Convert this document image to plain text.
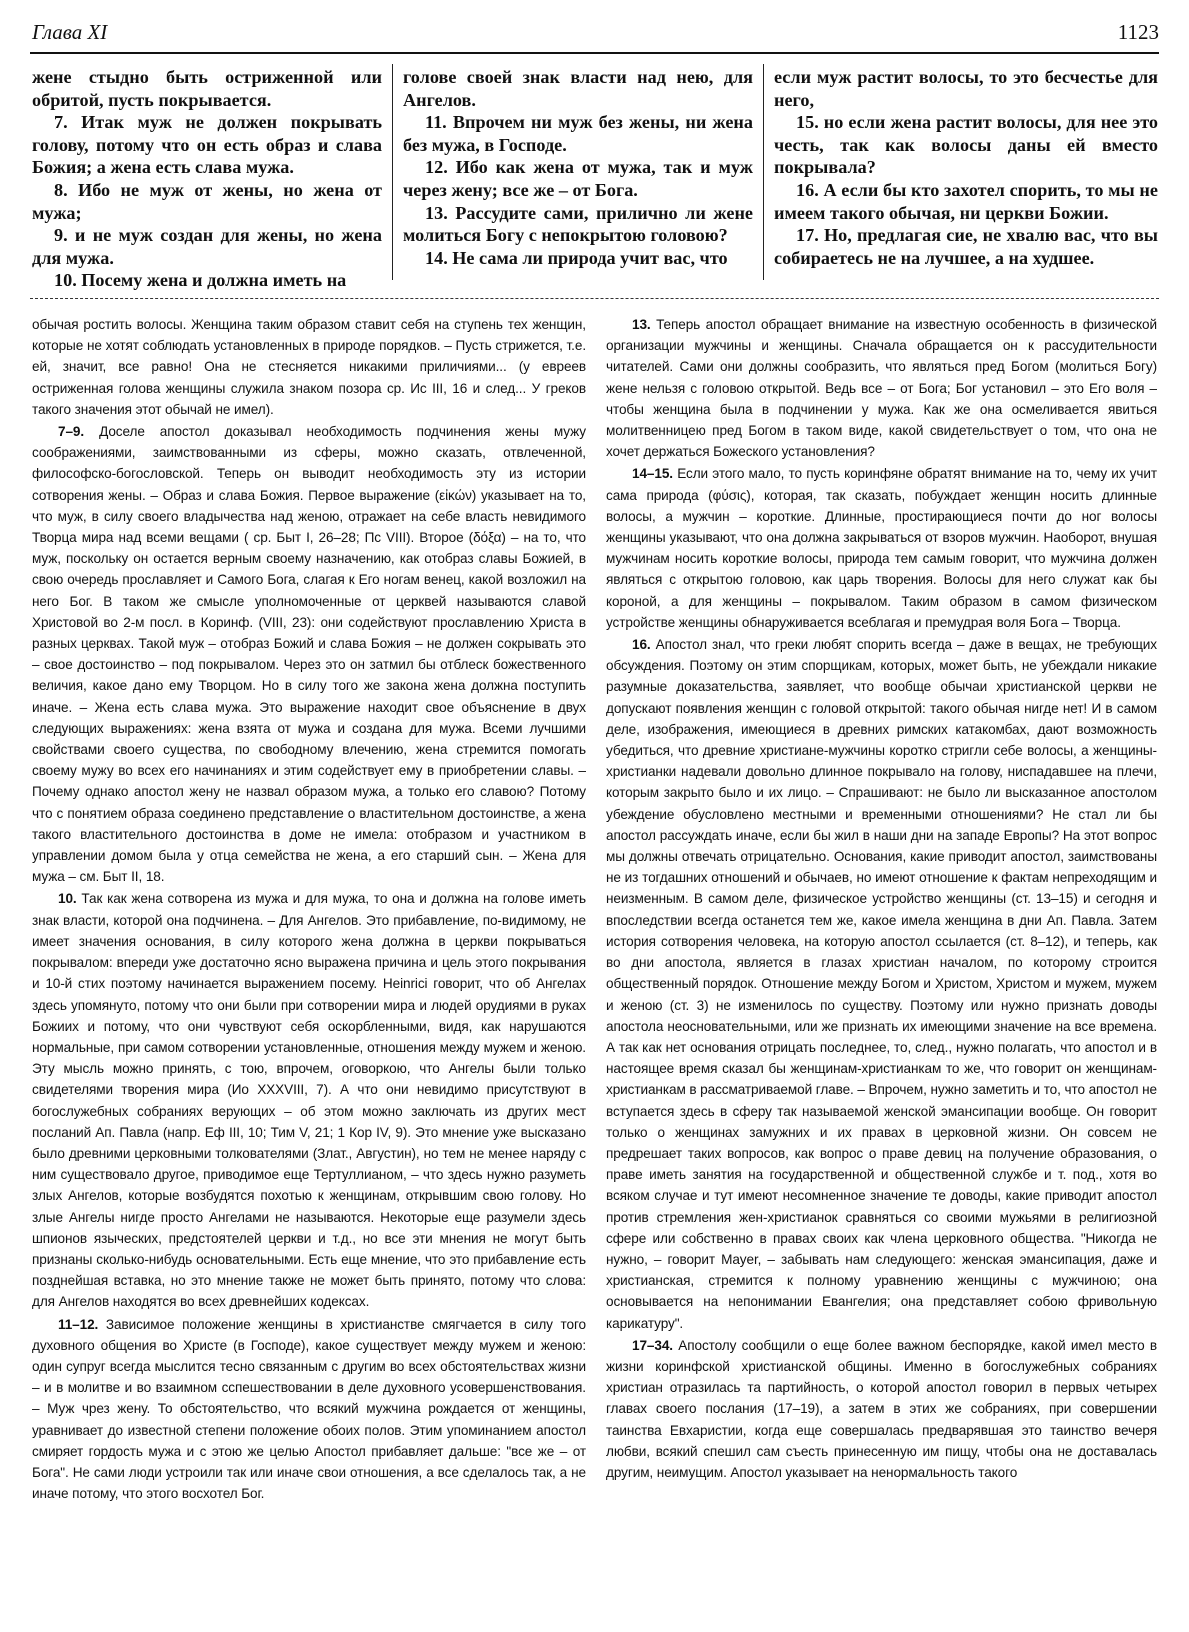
Глава XI	1123

жене стыдно быть остриженной или обритой, пусть покрывается.

7. Итак муж не должен покрывать голову, потому что он есть образ и слава Божия; а жена есть слава мужа.

8. Ибо не муж от жены, но жена от мужа;

9. и не муж создан для жены, но жена для мужа.

10. Посему жена и должна иметь на

голове своей знак власти над нею, для Ангелов.

11. Впрочем ни муж без жены, ни жена без мужа, в Господе.

12. Ибо как жена от мужа, так и муж через жену; все же – от Бога.

13. Рассудите сами, прилично ли жене молиться Богу с непокрытою головою?

14. Не сама ли природа учит вас, что

если муж растит волосы, то это бесчестье для него,

15. но если жена растит волосы, для нее это честь, так как волосы даны ей вместо покрывала?

16. А если бы кто захотел спорить, то мы не имеем такого обычая, ни церкви Божии.

17. Но, предлагая сие, не хвалю вас, что вы собираетесь не на лучшее, а на худшее.

обычая ростить волосы. Женщина таким образом ставит себя на ступень тех женщин, которые не хотят соблюдать установленных в природе порядков. – Пусть стрижется, т.е. ей, значит, все равно! Она не стесняется никакими приличиями... (у евреев остриженная голова женщины служила знаком позора ср. Ис III, 16 и след... У греков такого значения этот обычай не имел).

7–9. Доселе апостол доказывал необходимость подчинения жены мужу соображениями, заимствованными из сферы, можно сказать, отвлеченной, философско-богословской. Теперь он выводит необходимость эту из истории сотворения жены. – Образ и слава Божия. Первое выражение (εἰκών) указывает на то, что муж, в силу своего владычества над женою, отражает на себе власть невидимого Творца мира над всеми вещами ( ср. Быт I, 26–28; Пс VIII). Второе (δόξα) – на то, что муж, поскольку он остается верным своему назначению, как отобраз славы Божией, в свою очередь прославляет и Самого Бога, слагая к Его ногам венец, какой возложил на него Бог. В таком же смысле уполномоченные от церквей называются славой Христовой во 2-м посл. в Коринф. (VIII, 23): они содействуют прославлению Христа в разных церквах. Такой муж – отобраз Божий и слава Божия – не должен сокрывать это – свое достоинство – под покрывалом. Через это он затмил бы отблеск божественного величия, какое дано ему Творцом. Но в силу того же закона жена должна поступить иначе. – Жена есть слава мужа. Это выражение находит свое объяснение в двух следующих выражениях: жена взята от мужа и создана для мужа. Всеми лучшими свойствами своего существа, по свободному влечению, жена стремится помогать своему мужу во всех его начинаниях и этим содействует ему в приобретении славы. – Почему однако апостол жену не назвал образом мужа, а только его славою? Потому что с понятием образа соединено представление о властительном достоинстве, а жена такого властительного достоинства в доме не имела: отобразом и участником в управлении домом была у отца семейства не жена, а его старший сын. – Жена для мужа – см. Быт II, 18.

10. Так как жена сотворена из мужа и для мужа, то она и должна на голове иметь знак власти, которой она подчинена. – Для Ангелов. Это прибавление, по-видимому, не имеет значения основания, в силу которого жена должна в церкви покрываться покрывалом: впереди уже достаточно ясно выражена причина и цель этого покрывания и 10-й стих поэтому начинается выражением посему. Heinrici говорит, что об Ангелах здесь упомянуто, потому что они были при сотворении мира и людей орудиями в руках Божиих и потому, что они чувствуют себя оскорбленными, видя, как нарушаются нормальные, при самом сотворении установленные, отношения между мужем и женою. Эту мысль можно принять, с тою, впрочем, оговоркою, что Ангелы были только свидетелями творения мира (Ио XXXVIII, 7). А что они невидимо присутствуют в богослужебных собраниях верующих – об этом можно заключать из других мест посланий Ап. Павла (напр. Еф III, 10; Тим V, 21; 1 Кор IV, 9). Это мнение уже высказано было древними церковными толкователями (Злат., Августин), но тем не менее наряду с ним существовало другое, приводимое еще Тертуллианом, – что здесь нужно разуметь злых Ангелов, которые возбудятся похотью к женщинам, открывшим свою голову. Но злые Ангелы нигде просто Ангелами не называются. Некоторые еще разумели здесь шпионов языческих, предстоятелей церкви и т.д., но все эти мнения не могут быть признаны сколько-нибудь основательными. Есть еще мнение, что это прибавление есть позднейшая вставка, но это мнение также не может быть принято, потому что слова: для Ангелов находятся во всех древнейших кодексах.

11–12. Зависимое положение женщины в христианстве смягчается в силу того духовного общения во Христе (в Господе), какое существует между мужем и женою: один супруг всегда мыслится тесно связанным с другим во всех обстоятельствах жизни – и в молитве и во взаимном сспешествовании в деле духовного усовершенствования. – Муж чрез жену. То обстоятельство, что всякий мужчина рождается от женщины, уравнивает до известной степени положение обоих полов. Этим упоминанием апостол смиряет гордость мужа и с этою же целью Апостол прибавляет дальше: "все же – от Бога". Не сами люди устроили так или иначе свои отношения, а все сделалось так, а не иначе потому, что этого восхотел Бог.

13. Теперь апостол обращает внимание на известную особенность в физической организации мужчины и женщины. Сначала обращается он к рассудительности читателей. Сами они должны сообразить, что являться пред Богом (молиться Богу) жене нельзя с головою открытой. Ведь все – от Бога; Бог установил – это Его воля – чтобы женщина была в подчинении у мужа. Как же она осмеливается явиться молитвенницею пред Богом в таком виде, какой свидетельствует о том, что она не хочет держаться Божеского установления?

14–15. Если этого мало, то пусть коринфяне обратят внимание на то, чему их учит сама природа (φύσις), которая, так сказать, побуждает женщин носить длинные волосы, а мужчин – короткие. Длинные, простирающиеся почти до ног волосы женщины указывают, что она должна закрываться от взоров мужчин. Наоборот, внушая мужчинам носить короткие волосы, природа тем самым говорит, что мужчина должен являться с открытою головою, как царь творения. Волосы для него служат как бы короной, а для женщины – покрывалом. Таким образом в самом физическом устройстве женщины обнаруживается всеблагая и премудрая воля Бога – Творца.

16. Апостол знал, что греки любят спорить всегда – даже в вещах, не требующих обсуждения. Поэтому он этим спорщикам, которых, может быть, не убеждали никакие разумные доказательства, заявляет, что вообще обычаи христианской церкви не допускают появления женщин с головой открытой: такого обычая нигде нет! И в самом деле, изображения, имеющиеся в древних римских катакомбах, дают возможность убедиться, что древние христиане-мужчины коротко стригли себе волосы, а женщины-христианки надевали довольно длинное покрывало на голову, ниспадавшее на плечи, которым закрыто было и их лицо. – Спрашивают: не было ли высказанное апостолом убеждение обусловлено местными и временными отношениями? Не стал ли бы апостол рассуждать иначе, если бы жил в наши дни на западе Европы? На этот вопрос мы должны отвечать отрицательно. Основания, какие приводит апостол, заимствованы не из тогдашних отношений и обычаев, но имеют отношение к фактам непреходящим и неизменным. В самом деле, физическое устройство женщины (ст. 13–15) и сегодня и впоследствии всегда останется тем же, какое имела женщина в дни Ап. Павла. Затем история сотворения человека, на которую апостол ссылается (ст. 8–12), и теперь, как во дни апостола, является в глазах христиан началом, по которому строится общественный порядок. Отношение между Богом и Христом, Христом и мужем, мужем и женою (ст. 3) не изменилось по существу. Поэтому или нужно признать доводы апостола неосновательными, или же признать их имеющими значение на все времена. А так как нет основания отрицать последнее, то, след., нужно полагать, что апостол и в настоящее время сказал бы женщинам-христианкам то же, что говорит он женщинам-христианкам в рассматриваемой главе. – Впрочем, нужно заметить и то, что апостол не вступается здесь в сферу так называемой женской эмансипации вообще. Он говорит только о женщинах замужних и их правах в церковной жизни. Он совсем не предрешает таких вопросов, как вопрос о праве девиц на получение образования, о праве иметь занятия на государственной и общественной службе и т. под., хотя во всяком случае и тут имеют несомненное значение те доводы, какие приводит апостол против стремления жен-христианок сравняться со своими мужьями в религиозной сфере или собственно в правах своих как члена церковного общества. "Никогда не нужно, – говорит Mayer, – забывать нам следующего: женская эмансипация, даже и христианская, стремится к полному уравнению женщины с мужчиною; она основывается на непонимании Евангелия; она представляет собою фривольную карикатуру".

17–34. Апостолу сообщили о еще более важном беспорядке, какой имел место в жизни коринфской христианской общины. Именно в богослужебных собраниях христиан отразилась та партийность, о которой апостол говорил в первых четырех главах своего послания (17–19), а затем в этих же собраниях, при совершении таинства Евхаристии, когда еще совершалась предварявшая это таинство вечеря любви, всякий спешил сам съесть принесенную им пищу, чтобы она не доставалась другим, неимущим. Апостол указывает на ненормальность такого
